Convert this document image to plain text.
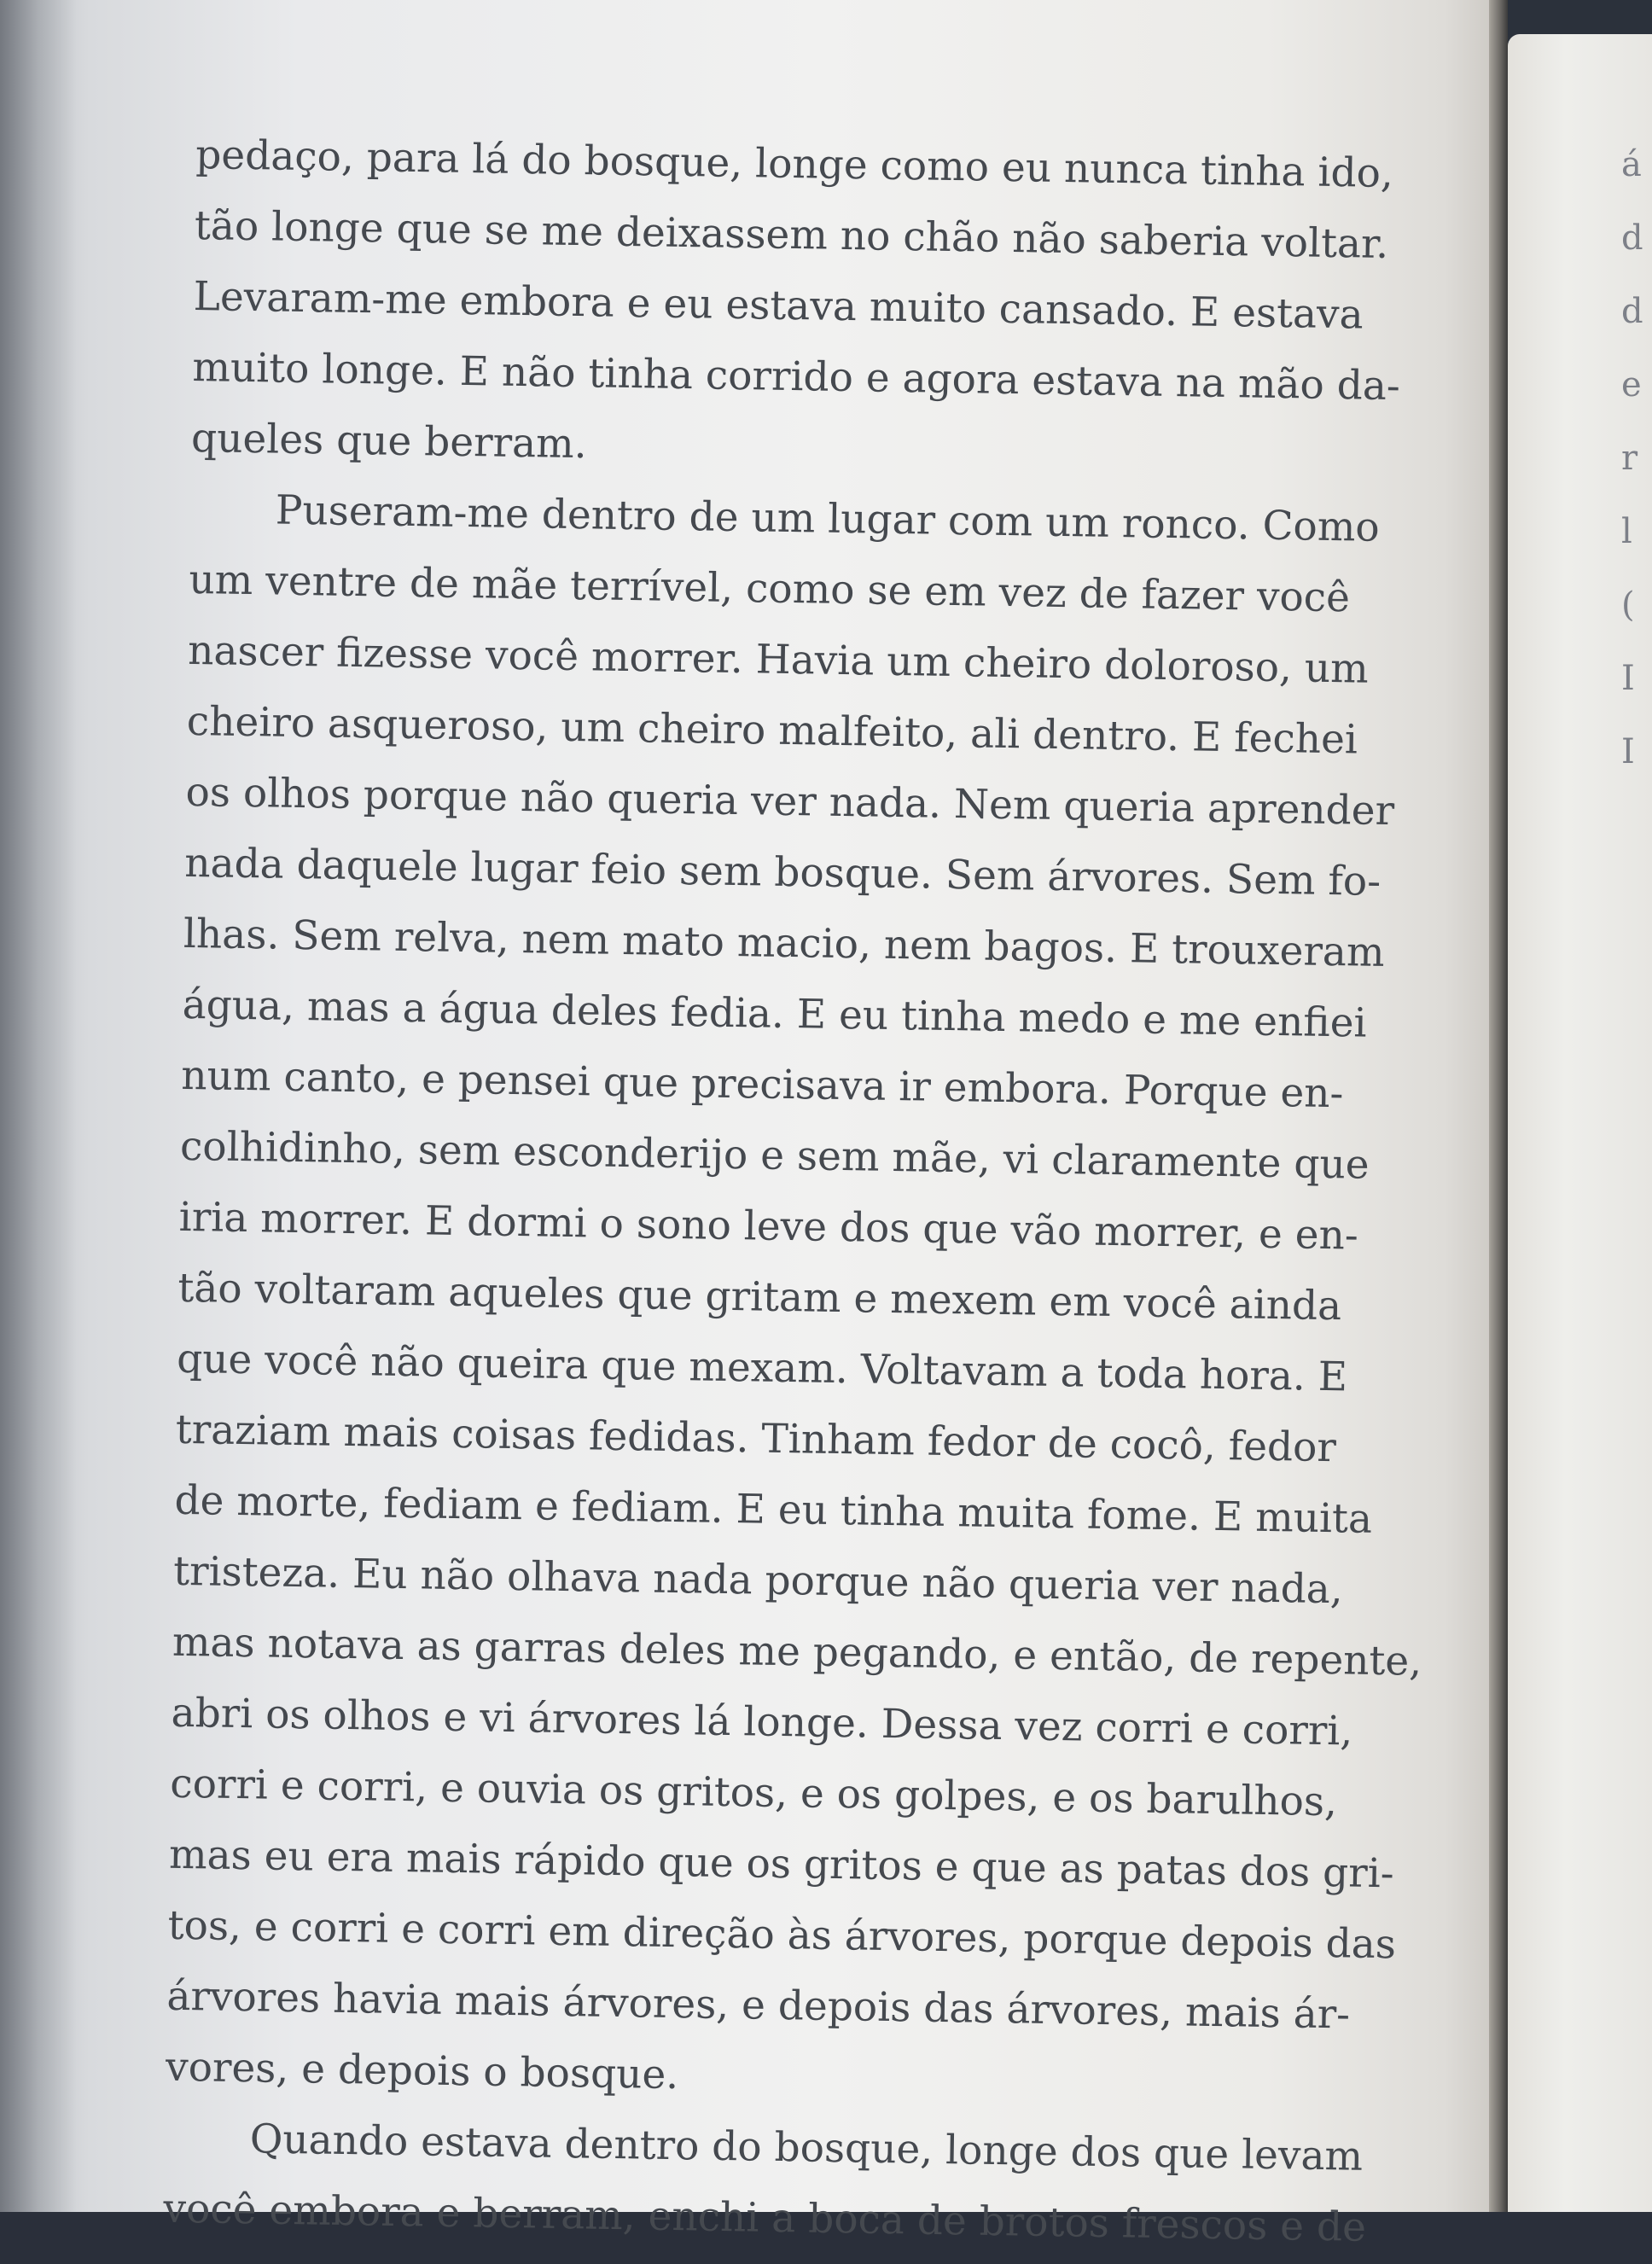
pedaço, para lá do bosque, longe como eu nunca tinha ido,
tão longe que se me deixassem no chão não saberia voltar.
Levaram-me embora e eu estava muito cansado. E estava
muito longe. E não tinha corrido e agora estava na mão da-
queles que berram.
Puseram-me dentro de um lugar com um ronco. Como
um ventre de mãe terrível, como se em vez de fazer você
nascer fizesse você morrer. Havia um cheiro doloroso, um
cheiro asqueroso, um cheiro malfeito, ali dentro. E fechei
os olhos porque não queria ver nada. Nem queria aprender
nada daquele lugar feio sem bosque. Sem árvores. Sem fo-
lhas. Sem relva, nem mato macio, nem bagos. E trouxeram
água, mas a água deles fedia. E eu tinha medo e me enfiei
num canto, e pensei que precisava ir embora. Porque en-
colhidinho, sem esconderijo e sem mãe, vi claramente que
iria morrer. E dormi o sono leve dos que vão morrer, e en-
tão voltaram aqueles que gritam e mexem em você ainda
que você não queira que mexam. Voltavam a toda hora. E
traziam mais coisas fedidas. Tinham fedor de cocô, fedor
de morte, fediam e fediam. E eu tinha muita fome. E muita
tristeza. Eu não olhava nada porque não queria ver nada,
mas notava as garras deles me pegando, e então, de repente,
abri os olhos e vi árvores lá longe. Dessa vez corri e corri,
corri e corri, e ouvia os gritos, e os golpes, e os barulhos,
mas eu era mais rápido que os gritos e que as patas dos gri-
tos, e corri e corri em direção às árvores, porque depois das
árvores havia mais árvores, e depois das árvores, mais ár-
vores, e depois o bosque.
Quando estava dentro do bosque, longe dos que levam
você embora e berram, enchi a boca de brotos frescos e de
á
d
d
e
r
l
(
I
I
